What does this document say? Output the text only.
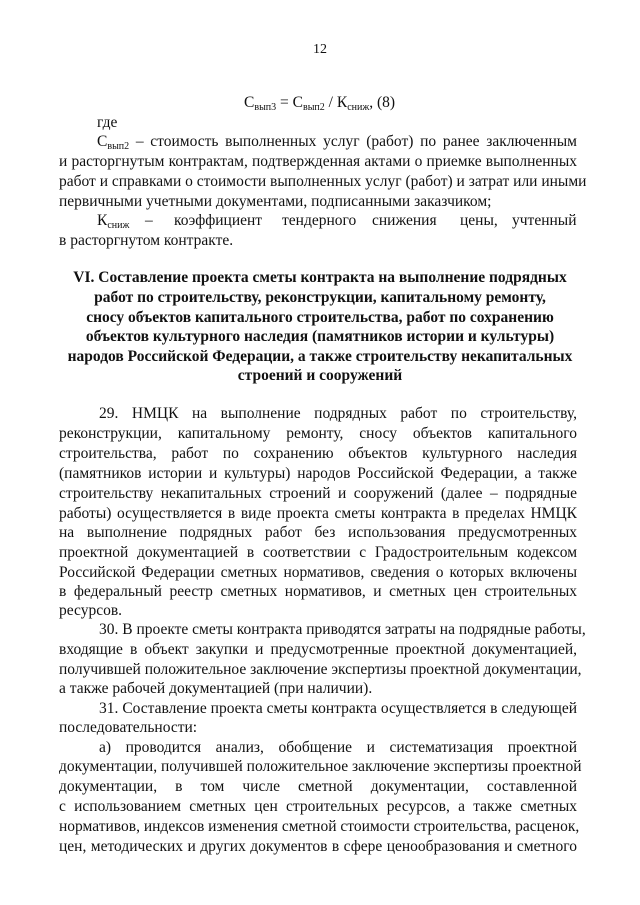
12
$С_{вып3} = С_{вып2} / К_{сниж}$, (8)
где
$С_{вып2}$ – стоимость выполненных услуг (работ) по ранее заключенным
и расторгнутым контрактам, подтвержденная актами о приемке выполненных
работ и справками о стоимости выполненных услуг (работ) и затрат или иными
первичными учетными документами, подписанными заказчиком;
$К_{сниж}$ – коэффициент тендерного снижения цены, учтенный
в расторгнутом контракте.
VI. Составление проекта сметы контракта на выполнение подрядных
работ по строительству, реконструкции, капитальному ремонту,
сносу объектов капитального строительства, работ по сохранению
объектов культурного наследия (памятников истории и культуры)
народов Российской Федерации, а также строительству некапитальных
строений и сооружений
29. НМЦК на выполнение подрядных работ по строительству,
реконструкции, капитальному ремонту, сносу объектов капитального
строительства, работ по сохранению объектов культурного наследия
(памятников истории и культуры) народов Российской Федерации, а также
строительству некапитальных строений и сооружений (далее – подрядные
работы) осуществляется в виде проекта сметы контракта в пределах НМЦК
на выполнение подрядных работ без использования предусмотренных
проектной документацией в соответствии с Градостроительным кодексом
Российской Федерации сметных нормативов, сведения о которых включены
в федеральный реестр сметных нормативов, и сметных цен строительных
ресурсов.
30. В проекте сметы контракта приводятся затраты на подрядные работы,
входящие в объект закупки и предусмотренные проектной документацией,
получившей положительное заключение экспертизы проектной документации,
а также рабочей документацией (при наличии).
31. Составление проекта сметы контракта осуществляется в следующей
последовательности:
а) проводится анализ, обобщение и систематизация проектной
документации, получившей положительное заключение экспертизы проектной
документации, в том числе сметной документации, составленной
с использованием сметных цен строительных ресурсов, а также сметных
нормативов, индексов изменения сметной стоимости строительства, расценок,
цен, методических и других документов в сфере ценообразования и сметного
